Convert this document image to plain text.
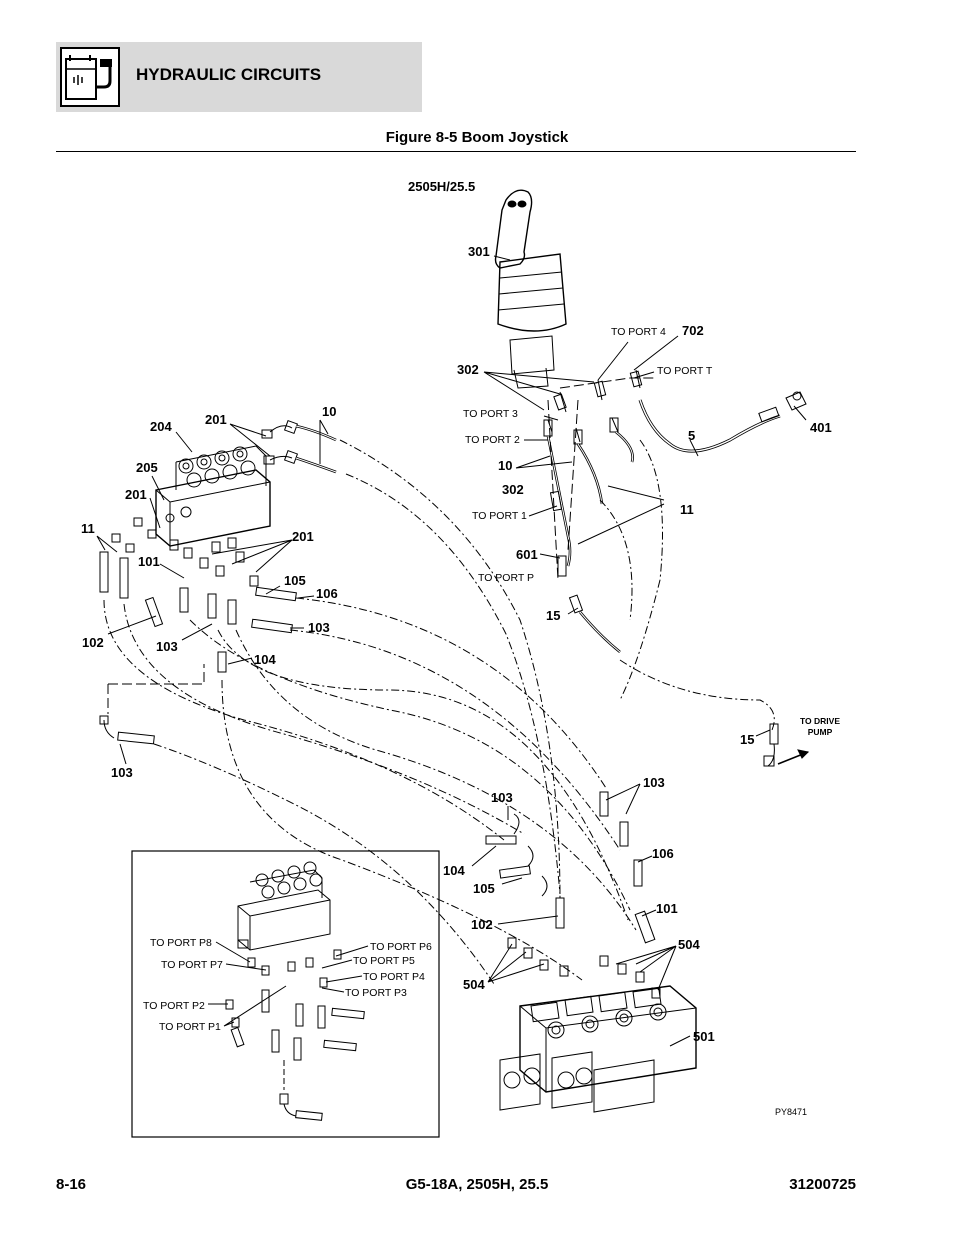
HYDRAULIC CIRCUITS
Figure 8-5 Boom Joystick
2505H/25.5
301
302
702
401
5
10
302
11
601
15
TO PORT 4
TO PORT T
TO PORT 3
TO PORT 2
TO PORT 1
TO PORT P
204	201
10
205
201
11
201
101
105
106
102	103
103
104
103
TO DRIVE
PUMP
15
103
103
106
104
105
101
102
504
504
501
PY8471
TO PORT P8
TO PORT P7
TO PORT P2
TO PORT P1
TO PORT P6
TO PORT P5
TO PORT P4
TO PORT P3
8-16	G5-18A, 2505H, 25.5	31200725
